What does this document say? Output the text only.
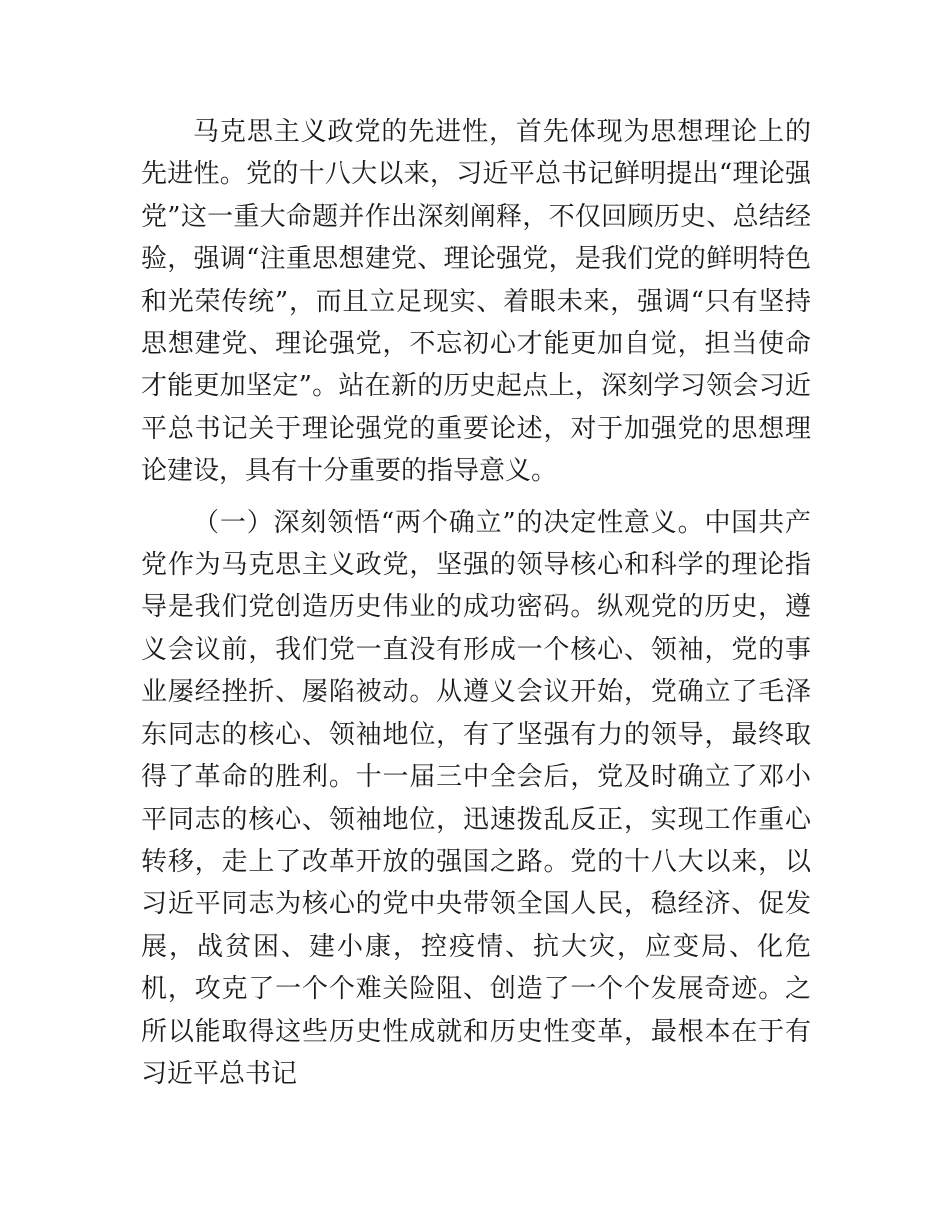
马克思主义政党的先进性，首先体现为思想理论上的先进性。党的十八大以来，习近平总书记鲜明提出“理论强党”这一重大命题并作出深刻阐释，不仅回顾历史、总结经验，强调“注重思想建党、理论强党，是我们党的鲜明特色和光荣传统”，而且立足现实、着眼未来，强调“只有坚持思想建党、理论强党，不忘初心才能更加自觉，担当使命才能更加坚定”。站在新的历史起点上，深刻学习领会习近平总书记关于理论强党的重要论述，对于加强党的思想理论建设，具有十分重要的指导意义。

（一）深刻领悟“两个确立”的决定性意义。中国共产党作为马克思主义政党，坚强的领导核心和科学的理论指导是我们党创造历史伟业的成功密码。纵观党的历史，遵义会议前，我们党一直没有形成一个核心、领袖，党的事业屡经挫折、屡陷被动。从遵义会议开始，党确立了毛泽东同志的核心、领袖地位，有了坚强有力的领导，最终取得了革命的胜利。十一届三中全会后，党及时确立了邓小平同志的核心、领袖地位，迅速拨乱反正，实现工作重心转移，走上了改革开放的强国之路。党的十八大以来，以习近平同志为核心的党中央带领全国人民，稳经济、促发展，战贫困、建小康，控疫情、抗大灾，应变局、化危机，攻克了一个个难关险阻、创造了一个个发展奇迹。之所以能取得这些历史性成就和历史性变革，最根本在于有习近平总书记
